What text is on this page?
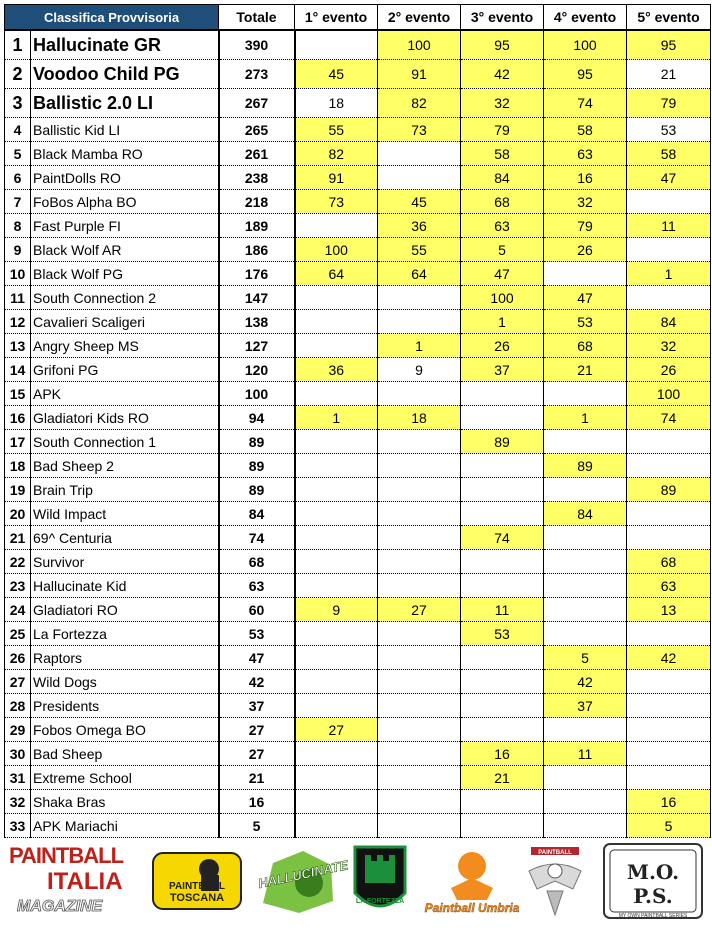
Classifica Provvisoria		Totale	1° evento	2° evento	3° evento	4° evento	5° evento
1	Hallucinate GR	390		100	95	100	95
2	Voodoo Child PG	273	45	91	42	95	21
3	Ballistic 2.0 LI	267	18	82	32	74	79
4	Ballistic Kid LI	265	55	73	79	58	53
5	Black Mamba RO	261	82		58	63	58
6	PaintDolls RO	238	91		84	16	47
7	FoBos Alpha BO	218	73	45	68	32	
8	Fast Purple FI	189		36	63	79	11
9	Black Wolf AR	186	100	55	5	26	
10	Black Wolf PG	176	64	64	47		1
11	South Connection 2	147			100	47	
12	Cavalieri Scaligeri	138			1	53	84
13	Angry Sheep MS	127		1	26	68	32
14	Grifoni PG	120	36	9	37	21	26
15	APK	100					100
16	Gladiatori Kids RO	94	1	18		1	74
17	South Connection 1	89			89		
18	Bad Sheep 2	89				89	
19	Brain Trip	89					89
20	Wild Impact	84				84	
21	69^ Centuria	74			74		
22	Survivor	68					68
23	Hallucinate Kid	63					63
24	Gladiatori RO	60	9	27	11		13
25	La Fortezza	53			53		
26	Raptors	47				5	42
27	Wild Dogs	42				42	
28	Presidents	37				37	
29	Fobos Omega BO	27	27				
30	Bad Sheep	27			16	11	
31	Extreme School	21			21		
32	Shaka Bras	16					16
33	APK Mariachi	5					5
PAINTBALL
ITALIA
MAGAZINE
PAINTBALL
TOSCANA
HALLUCINATE
LA FORTEZZA Paintball Umbria
PAINTBALL
M.O.
P.S.
MY OWN PAINTBALL SERIES
